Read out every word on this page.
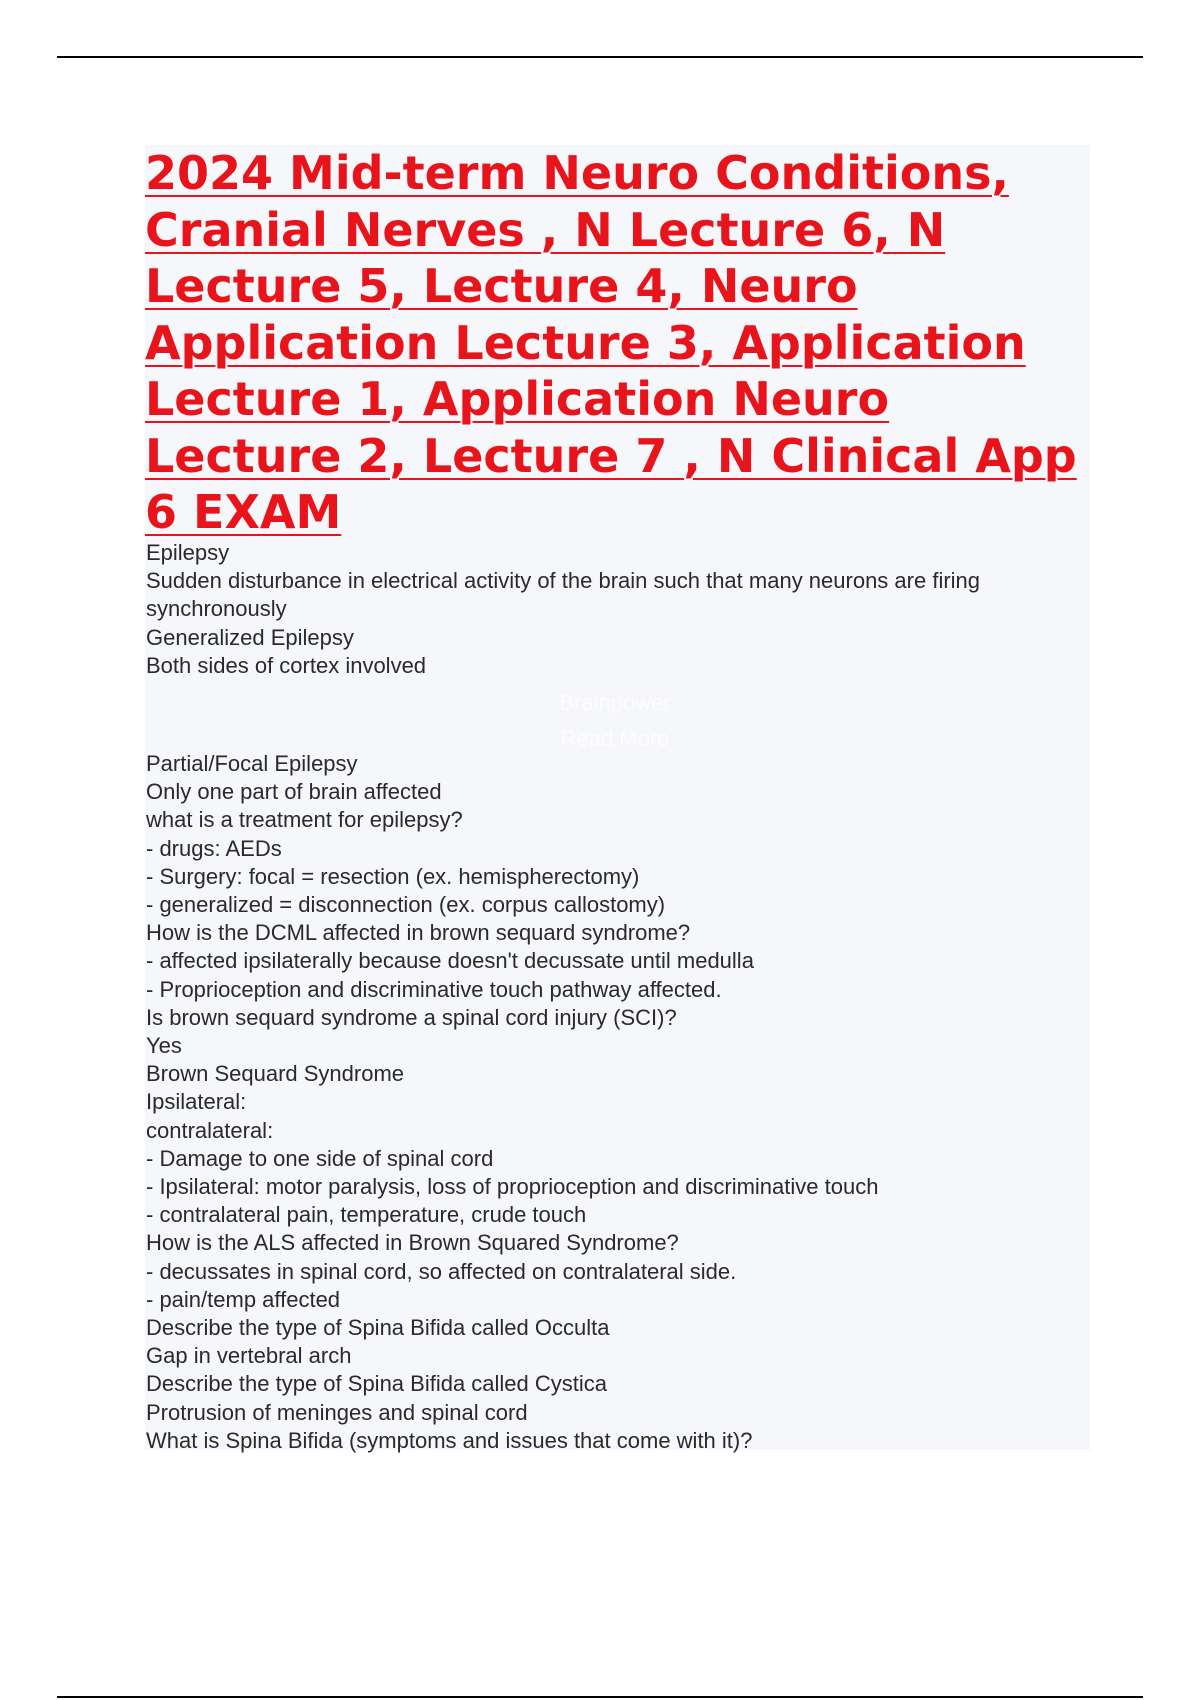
2024 Mid-term Neuro Conditions, Cranial Nerves , N Lecture 6, N Lecture 5, Lecture 4, Neuro Application Lecture 3, Application Lecture 1, Application Neuro Lecture 2, Lecture 7 , N Clinical App 6 EXAM
Epilepsy
Sudden disturbance in electrical activity of the brain such that many neurons are firing synchronously
Generalized Epilepsy
Both sides of cortex involved
Partial/Focal Epilepsy
Only one part of brain affected
what is a treatment for epilepsy?
- drugs: AEDs
- Surgery: focal = resection (ex. hemispherectomy)
- generalized = disconnection (ex. corpus callostomy)
How is the DCML affected in brown sequard syndrome?
- affected ipsilaterally because doesn't decussate until medulla
- Proprioception and discriminative touch pathway affected.
Is brown sequard syndrome a spinal cord injury (SCI)?
Yes
Brown Sequard Syndrome
Ipsilateral:
contralateral:
- Damage to one side of spinal cord
- Ipsilateral: motor paralysis, loss of proprioception and discriminative touch
- contralateral pain, temperature, crude touch
How is the ALS affected in Brown Squared Syndrome?
- decussates in spinal cord, so affected on contralateral side.
- pain/temp affected
Describe the type of Spina Bifida called Occulta
Gap in vertebral arch
Describe the type of Spina Bifida called Cystica
Protrusion of meninges and spinal cord
What is Spina Bifida (symptoms and issues that come with it)?
Brainpower
Read More
